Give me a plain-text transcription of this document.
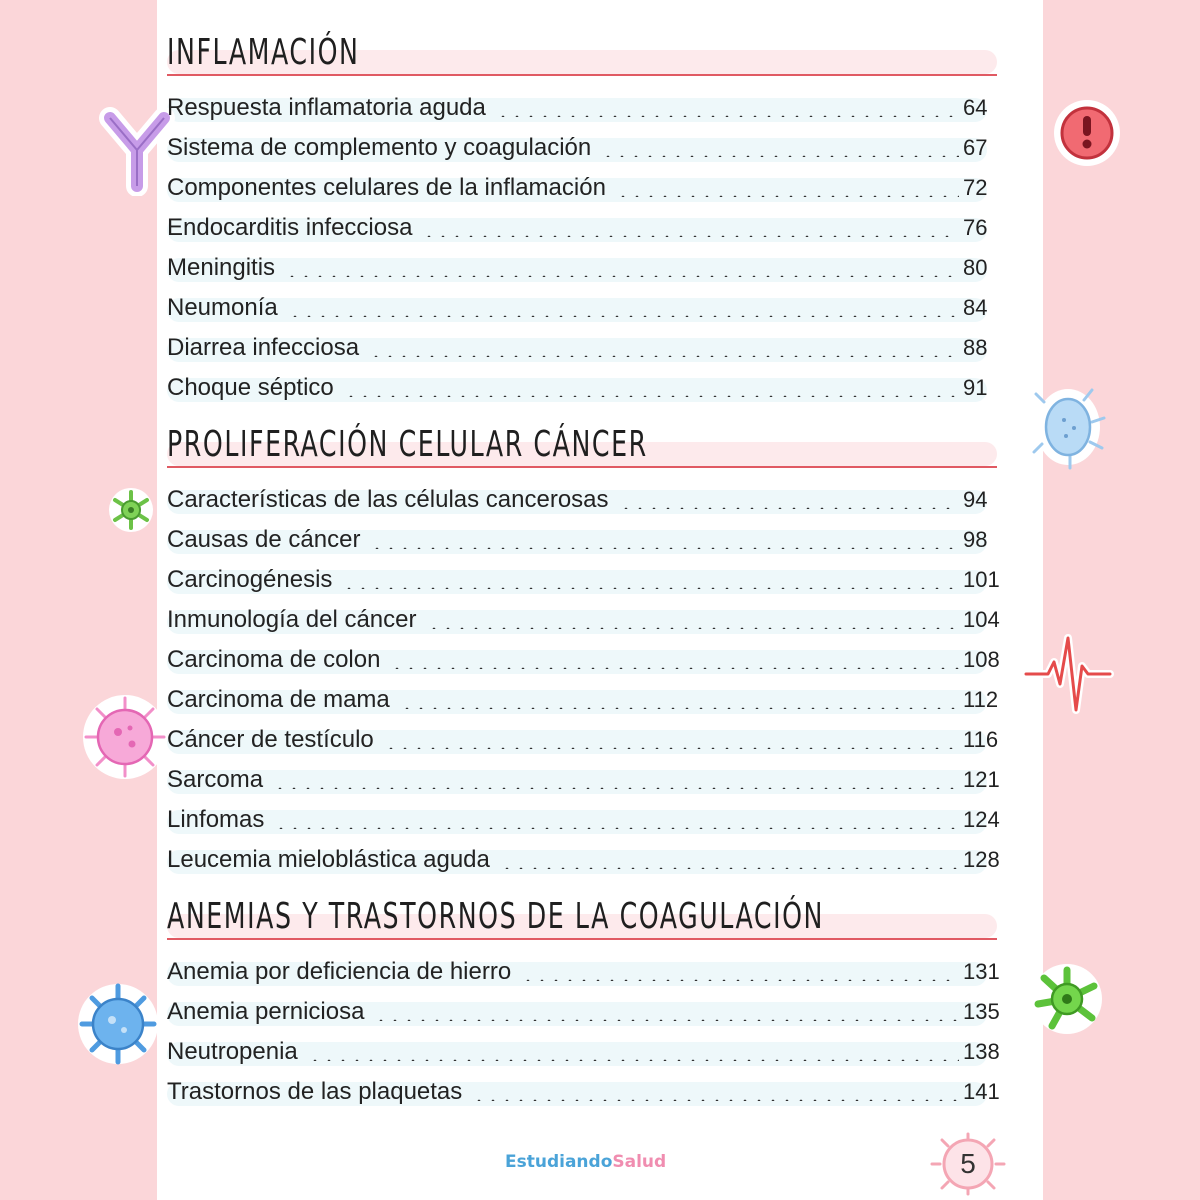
INFLAMACIÓN
Respuesta inflamatoria aguda	64
Sistema de complemento y coagulación	67
Componentes celulares de la inflamación	72
Endocarditis infecciosa	76
Meningitis	80
Neumonía	84
Diarrea infecciosa	88
Choque séptico	91
PROLIFERACIÓN CELULAR CÁNCER
Características de las células cancerosas	94
Causas de cáncer	98
Carcinogénesis	101
Inmunología del cáncer	104
Carcinoma de colon	108
Carcinoma de mama	112
Cáncer de testículo	116
Sarcoma	121
Linfomas	124
Leucemia mieloblástica aguda	128
ANEMIAS Y TRASTORNOS DE LA COAGULACIÓN
Anemia por deficiencia de hierro	131
Anemia perniciosa	135
Neutropenia	138
Trastornos de las plaquetas	141
EstudiandoSalud	5
